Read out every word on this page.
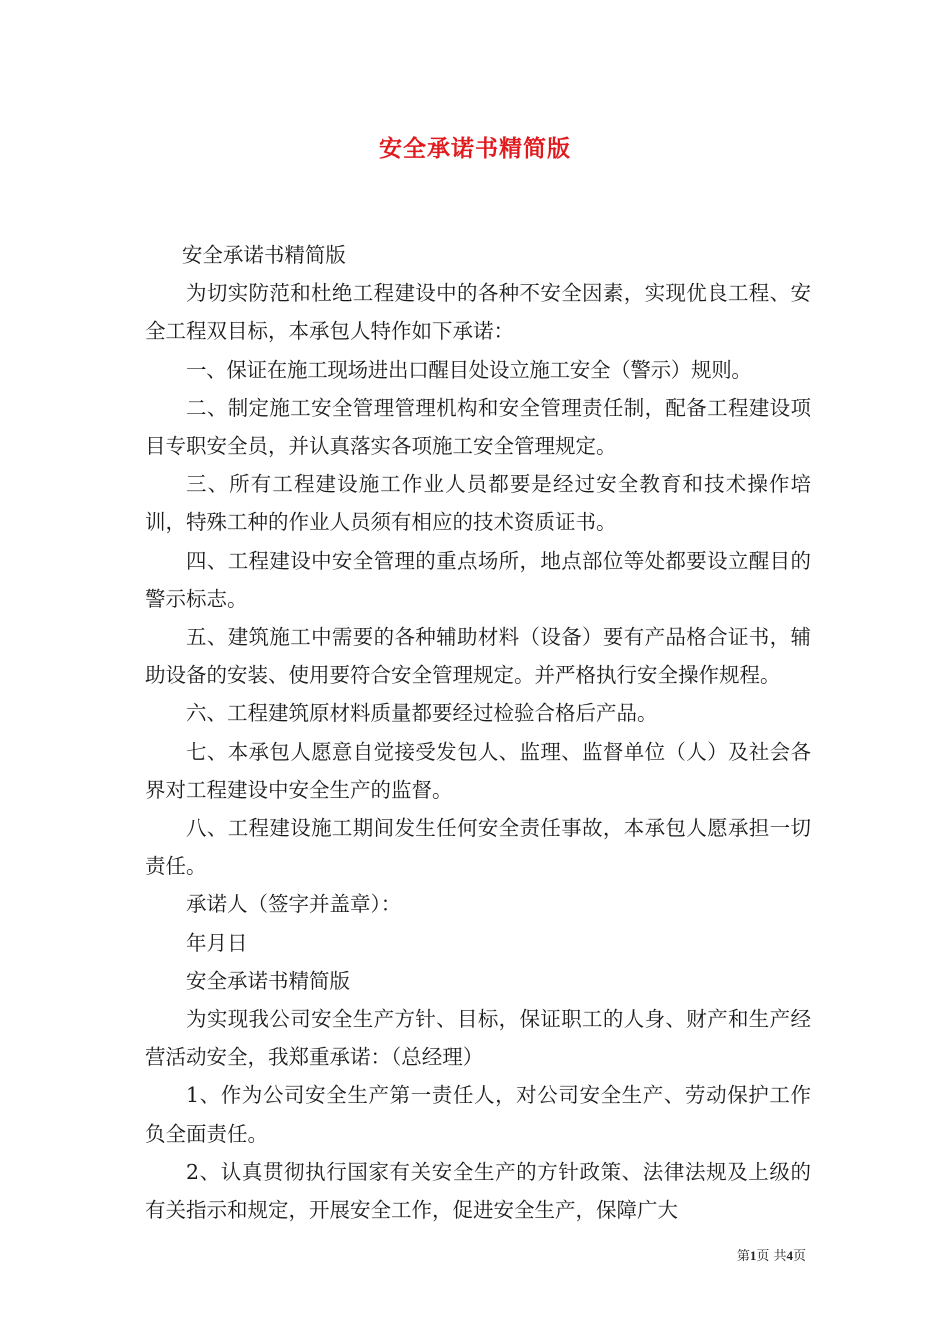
安全承诺书精简版

安全承诺书精简版

为切实防范和杜绝工程建设中的各种不安全因素，实现优良工程、安全工程双目标，本承包人特作如下承诺：

一、保证在施工现场进出口醒目处设立施工安全（警示）规则。

二、制定施工安全管理管理机构和安全管理责任制，配备工程建设项目专职安全员，并认真落实各项施工安全管理规定。

三、所有工程建设施工作业人员都要是经过安全教育和技术操作培训，特殊工种的作业人员须有相应的技术资质证书。

四、工程建设中安全管理的重点场所，地点部位等处都要设立醒目的警示标志。

五、建筑施工中需要的各种辅助材料（设备）要有产品格合证书，辅助设备的安装、使用要符合安全管理规定。并严格执行安全操作规程。

六、工程建筑原材料质量都要经过检验合格后产品。

七、本承包人愿意自觉接受发包人、监理、监督单位（人）及社会各界对工程建设中安全生产的监督。

八、工程建设施工期间发生任何安全责任事故，本承包人愿承担一切责任。

承诺人（签字并盖章）：

年月日

安全承诺书精简版

为实现我公司安全生产方针、目标，保证职工的人身、财产和生产经营活动安全，我郑重承诺：（总经理）

1、作为公司安全生产第一责任人，对公司安全生产、劳动保护工作负全面责任。

2、认真贯彻执行国家有关安全生产的方针政策、法律法规及上级的有关指示和规定，开展安全工作，促进安全生产，保障广大

第1页 共4页
